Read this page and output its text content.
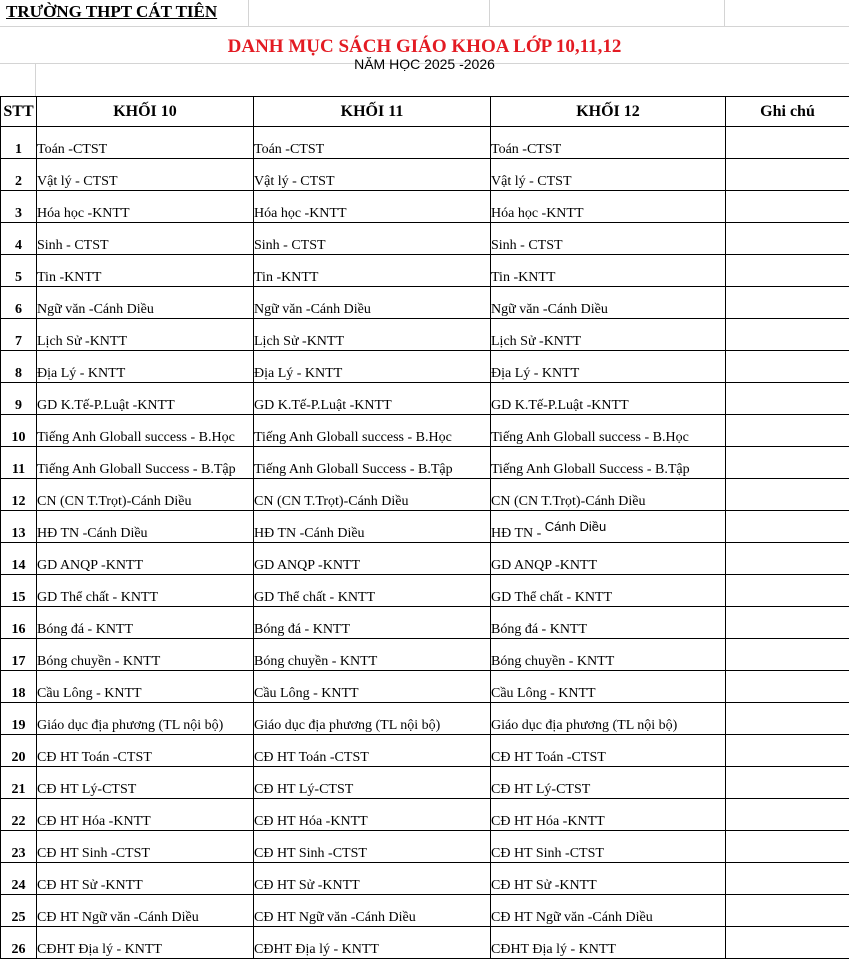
TRƯỜNG THPT CÁT TIÊN
DANH MỤC SÁCH GIÁO KHOA LỚP 10,11,12
NĂM HỌC 2025 -2026
STT	KHỐI 10	KHỐI 11	KHỐI 12	Ghi chú
1	Toán -CTST	Toán -CTST	Toán -CTST	
2	Vật lý - CTST	Vật lý - CTST	Vật lý - CTST	
3	Hóa học -KNTT	Hóa học -KNTT	Hóa học -KNTT	
4	Sinh - CTST	Sinh - CTST	Sinh - CTST	
5	Tin -KNTT	Tin -KNTT	Tin -KNTT	
6	Ngữ văn -Cánh Diều	Ngữ văn -Cánh Diều	Ngữ văn -Cánh Diều	
7	Lịch Sử -KNTT	Lịch Sử -KNTT	Lịch Sử -KNTT	
8	Địa Lý - KNTT	Địa Lý - KNTT	Địa Lý - KNTT	
9	GD K.Tế-P.Luật -KNTT	GD K.Tế-P.Luật -KNTT	GD K.Tế-P.Luật -KNTT	
10	Tiếng Anh Globall success - B.Học	Tiếng Anh Globall success - B.Học	Tiếng Anh Globall success - B.Học	
11	Tiếng Anh Globall Success - B.Tập	Tiếng Anh Globall Success - B.Tập	Tiếng Anh Globall Success - B.Tập	
12	CN (CN T.Trọt)-Cánh Diều	CN (CN T.Trọt)-Cánh Diều	CN (CN T.Trọt)-Cánh Diều	
13	HĐ TN -Cánh Diều	HĐ TN -Cánh Diều	HĐ TN - Cánh Diều	
14	GD ANQP -KNTT	GD ANQP -KNTT	GD ANQP -KNTT	
15	GD Thể chất - KNTT	GD Thể chất - KNTT	GD Thể chất - KNTT	
16	Bóng đá - KNTT	Bóng đá - KNTT	Bóng đá - KNTT	
17	Bóng chuyền - KNTT	Bóng chuyền - KNTT	Bóng chuyền - KNTT	
18	Cầu Lông - KNTT	Cầu Lông - KNTT	Cầu Lông - KNTT	
19	Giáo dục địa phương (TL nội bộ)	Giáo dục địa phương (TL nội bộ)	Giáo dục địa phương (TL nội bộ)	
20	CĐ HT Toán -CTST	CĐ HT Toán -CTST	CĐ HT Toán -CTST	
21	CĐ HT Lý-CTST	CĐ HT Lý-CTST	CĐ HT Lý-CTST	
22	CĐ HT Hóa -KNTT	CĐ HT Hóa -KNTT	CĐ HT Hóa -KNTT	
23	CĐ HT Sinh -CTST	CĐ HT Sinh -CTST	CĐ HT Sinh -CTST	
24	CĐ HT Sử -KNTT	CĐ HT Sử -KNTT	CĐ HT Sử -KNTT	
25	CĐ HT Ngữ văn -Cánh Diều	CĐ HT Ngữ văn -Cánh Diều	CĐ HT Ngữ văn -Cánh Diều	
26	CĐHT Địa lý - KNTT	CĐHT Địa lý - KNTT	CĐHT Địa lý - KNTT	
